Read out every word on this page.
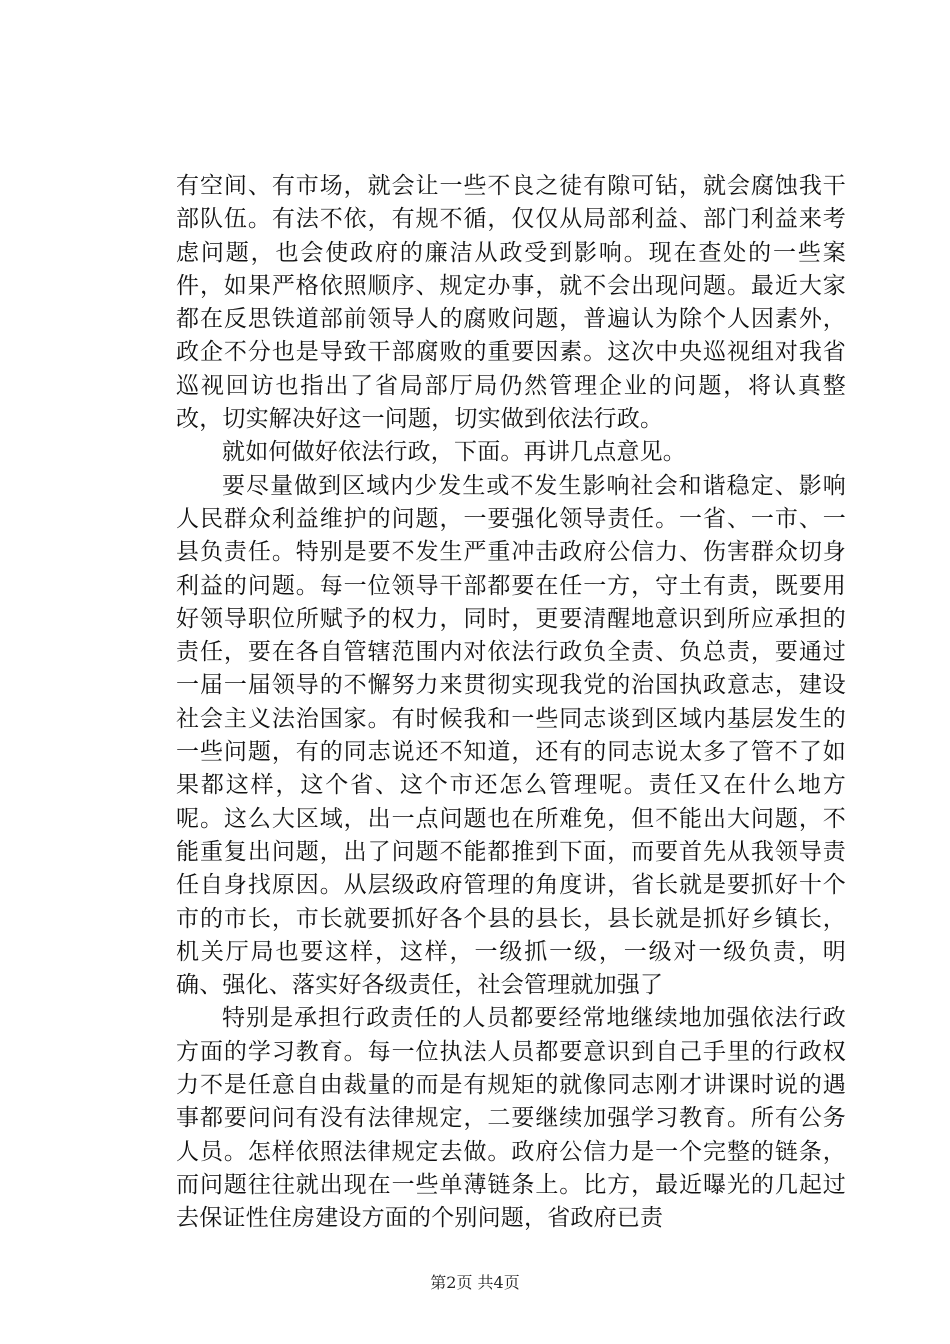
有空间、有市场，就会让一些不良之徒有隙可钻，就会腐蚀我干部队伍。有法不依，有规不循，仅仅从局部利益、部门利益来考虑问题，也会使政府的廉洁从政受到影响。现在查处的一些案件，如果严格依照顺序、规定办事，就不会出现问题。最近大家都在反思铁道部前领导人的腐败问题，普遍认为除个人因素外，政企不分也是导致干部腐败的重要因素。这次中央巡视组对我省巡视回访也指出了省局部厅局仍然管理企业的问题，将认真整改，切实解决好这一问题，切实做到依法行政。

就如何做好依法行政，下面。再讲几点意见。

要尽量做到区域内少发生或不发生影响社会和谐稳定、影响人民群众利益维护的问题，一要强化领导责任。一省、一市、一县负责任。特别是要不发生严重冲击政府公信力、伤害群众切身利益的问题。每一位领导干部都要在任一方，守土有责，既要用好领导职位所赋予的权力，同时，更要清醒地意识到所应承担的责任，要在各自管辖范围内对依法行政负全责、负总责，要通过一届一届领导的不懈努力来贯彻实现我党的治国执政意志，建设社会主义法治国家。有时候我和一些同志谈到区域内基层发生的一些问题，有的同志说还不知道，还有的同志说太多了管不了如果都这样，这个省、这个市还怎么管理呢。责任又在什么地方呢。这么大区域，出一点问题也在所难免，但不能出大问题，不能重复出问题，出了问题不能都推到下面，而要首先从我领导责任自身找原因。从层级政府管理的角度讲，省长就是要抓好十个市的市长，市长就要抓好各个县的县长，县长就是抓好乡镇长，机关厅局也要这样，这样，一级抓一级，一级对一级负责，明确、强化、落实好各级责任，社会管理就加强了

特别是承担行政责任的人员都要经常地继续地加强依法行政方面的学习教育。每一位执法人员都要意识到自己手里的行政权力不是任意自由裁量的而是有规矩的就像同志刚才讲课时说的遇事都要问问有没有法律规定，二要继续加强学习教育。所有公务人员。怎样依照法律规定去做。政府公信力是一个完整的链条，而问题往往就出现在一些单薄链条上。比方，最近曝光的几起过去保证性住房建设方面的个别问题，省政府已责

第2页 共4页
